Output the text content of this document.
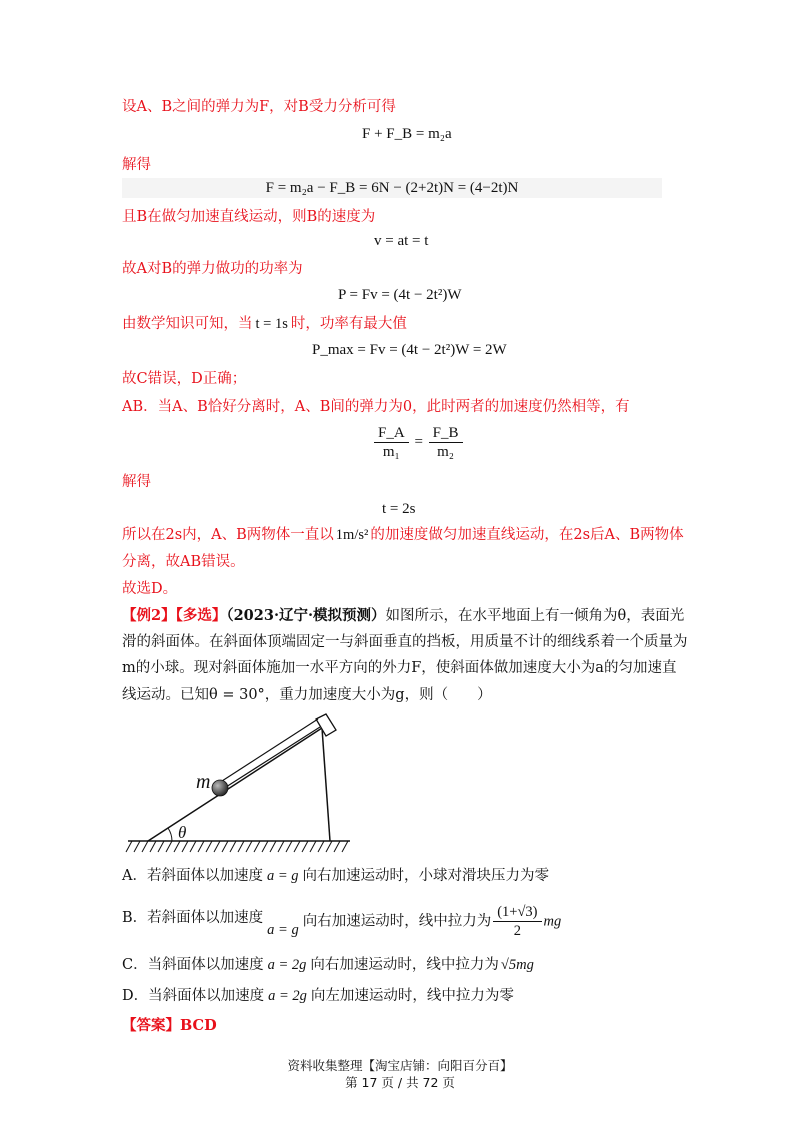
设A、B之间的弹力为F，对B受力分析可得
F + F_B = m₂a
解得
F = m₂a − F_B = 6N − (2+2t)N = (4−2t)N
且B在做匀加速直线运动，则B的速度为
v = at = t
故A对B的弹力做功的功率为
P = Fv = (4t − 2t²)W
由数学知识可知，当 t = 1s 时，功率有最大值
P_max = Fv = (4t − 2t²)W = 2W
故C错误，D正确；
AB．当A、B恰好分离时，A、B间的弹力为0，此时两者的加速度仍然相等，有
$\frac{F\_A}{\text{m₁}} = \frac{F\_B}{\text{m₂}}$
解得
t = 2s
所以在2s内，A、B两物体一直以 1m/s² 的加速度做匀加速直线运动，在2s后A、B两物体
分离，故AB错误。
故选D。
【例2】【多选】（2023·辽宁·模拟预测）如图所示，在水平地面上有一倾角为θ，表面光
滑的斜面体。在斜面体顶端固定一与斜面垂直的挡板，用质量不计的细线系着一个质量为
m的小球。现对斜面体施加一水平方向的外力F，使斜面体做加速度大小为a的匀加速直
线运动。已知θ = 30°，重力加速度大小为g，则（　　）
θ
m
A．若斜面体以加速度 a = g 向右加速运动时，小球对滑块压力为零
B．若斜面体以加速度a = g 向右加速运动时，线中拉力为 $\frac{(1+√3)}{2}$ mg
C．当斜面体以加速度 a = 2g 向右加速运动时，线中拉力为 √5mg
D．当斜面体以加速度 a = 2g 向左加速运动时，线中拉力为零
【答案】BCD
资料收集整理【淘宝店铺：向阳百分百】
第 17 页 / 共 72 页
